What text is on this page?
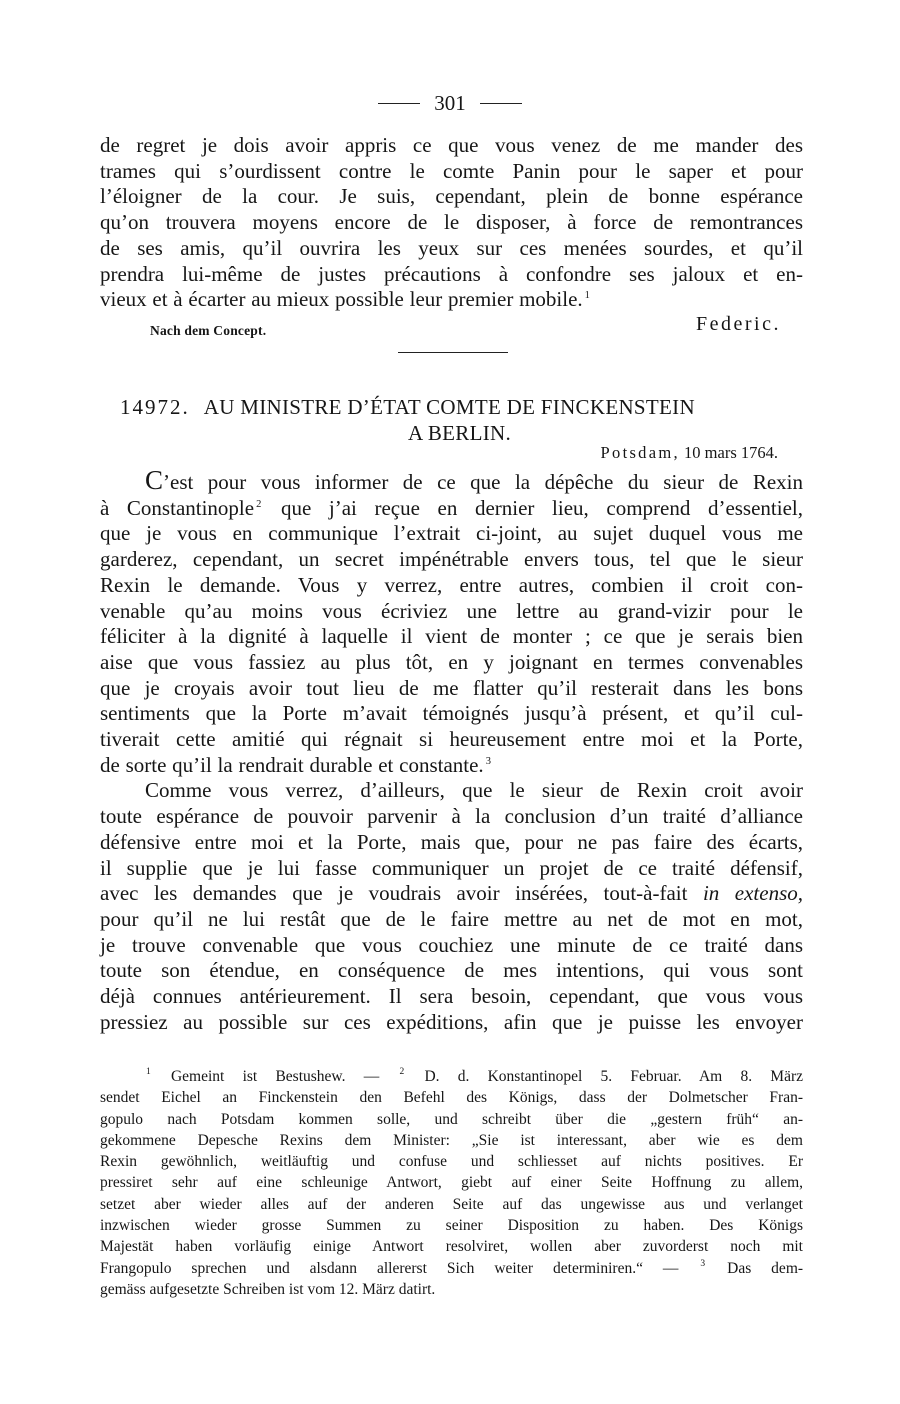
301

de regret je dois avoir appris ce que vous venez de me mander des

trames qui s’ourdissent contre le comte Panin pour le saper et pour

l’éloigner de la cour. Je suis, cependant, plein de bonne espérance

qu’on trouvera moyens encore de le disposer, à force de remontrances

de ses amis, qu’il ouvrira les yeux sur ces menées sourdes, et qu’il

prendra lui-même de justes précautions à confondre ses jaloux et en-

vieux et à écarter au mieux possible leur premier mobile. $^1$

Nach dem Concept.	Federic.
14972. AU MINISTRE D’ÉTAT COMTE DE FINCKENSTEIN
A BERLIN.
Potsdam, 10 mars 1764.

C’est pour vous informer de ce que la dépêche du sieur de Rexin

à Constantinople $^2$ que j’ai reçue en dernier lieu, comprend d’essentiel,

que je vous en communique l’extrait ci-joint, au sujet duquel vous me

garderez, cependant, un secret impénétrable envers tous, tel que le sieur

Rexin le demande. Vous y verrez, entre autres, combien il croit con-

venable qu’au moins vous écriviez une lettre au grand-vizir pour le

féliciter à la dignité à laquelle il vient de monter ; ce que je serais bien

aise que vous fassiez au plus tôt, en y joignant en termes convenables

que je croyais avoir tout lieu de me flatter qu’il resterait dans les bons

sentiments que la Porte m’avait témoignés jusqu’à présent, et qu’il cul-

tiverait cette amitié qui régnait si heureusement entre moi et la Porte,

de sorte qu’il la rendrait durable et constante. $^3$

Comme vous verrez, d’ailleurs, que le sieur de Rexin croit avoir

toute espérance de pouvoir parvenir à la conclusion d’un traité d’alliance

défensive entre moi et la Porte, mais que, pour ne pas faire des écarts,

il supplie que je lui fasse communiquer un projet de ce traité défensif,

avec les demandes que je voudrais avoir insérées, tout-à-fait in extenso,

pour qu’il ne lui restât que de le faire mettre au net de mot en mot,

je trouve convenable que vous couchiez une minute de ce traité dans

toute son étendue, en conséquence de mes intentions, qui vous sont

déjà connues antérieurement. Il sera besoin, cependant, que vous vous

pressiez au possible sur ces expéditions, afin que je puisse les envoyer

$^1$ Gemeint ist Bestushew. — $^2$ D. d. Konstantinopel 5. Februar. Am 8. März

sendet Eichel an Finckenstein den Befehl des Königs, dass der Dolmetscher Fran-

gopulo nach Potsdam kommen solle, und schreibt über die „gestern früh“ an-

gekommene Depesche Rexins dem Minister: „Sie ist interessant, aber wie es dem

Rexin gewöhnlich, weitläuftig und confuse und schliesset auf nichts positives. Er

pressiret sehr auf eine schleunige Antwort, giebt auf einer Seite Hoffnung zu allem,

setzet aber wieder alles auf der anderen Seite auf das ungewisse aus und verlanget

inzwischen wieder grosse Summen zu seiner Disposition zu haben. Des Königs

Majestät haben vorläufig einige Antwort resolviret, wollen aber zuvorderst noch mit

Frangopulo sprechen und alsdann allererst Sich weiter determiniren.“ — $^3$ Das dem-

gemäss aufgesetzte Schreiben ist vom 12. März datirt.
